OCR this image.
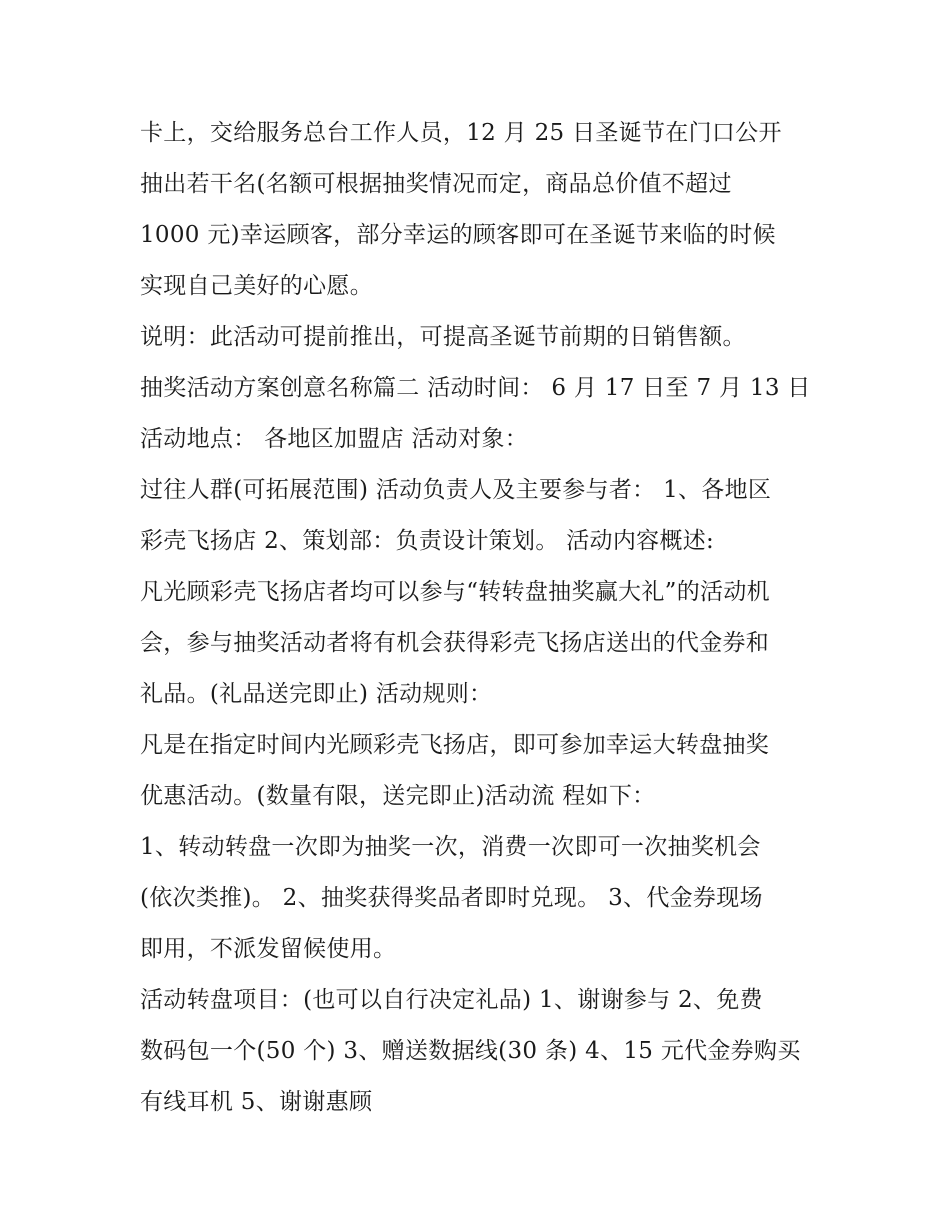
卡上，交给服务总台工作人员，12 月 25 日圣诞节在门口公开
抽出若干名(名额可根据抽奖情况而定，商品总价值不超过
1000 元)幸运顾客，部分幸运的顾客即可在圣诞节来临的时候
实现自己美好的心愿。
说明：此活动可提前推出，可提高圣诞节前期的日销售额。
抽奖活动方案创意名称篇二 活动时间： 6 月 17 日至 7 月 13 日
活动地点： 各地区加盟店 活动对象：
过往人群(可拓展范围) 活动负责人及主要参与者： 1、各地区
彩壳飞扬店 2、策划部：负责设计策划。 活动内容概述:
凡光顾彩壳飞扬店者均可以参与“转转盘抽奖赢大礼”的活动机
会，参与抽奖活动者将有机会获得彩壳飞扬店送出的代金券和
礼品。(礼品送完即止) 活动规则：
凡是在指定时间内光顾彩壳飞扬店，即可参加幸运大转盘抽奖
优惠活动。(数量有限，送完即止)活动流 程如下：
1、转动转盘一次即为抽奖一次，消费一次即可一次抽奖机会
(依次类推)。 2、抽奖获得奖品者即时兑现。 3、代金券现场
即用，不派发留候使用。
活动转盘项目：(也可以自行决定礼品) 1、谢谢参与 2、免费
数码包一个(50 个) 3、赠送数据线(30 条) 4、15 元代金券购买
有线耳机 5、谢谢惠顾
